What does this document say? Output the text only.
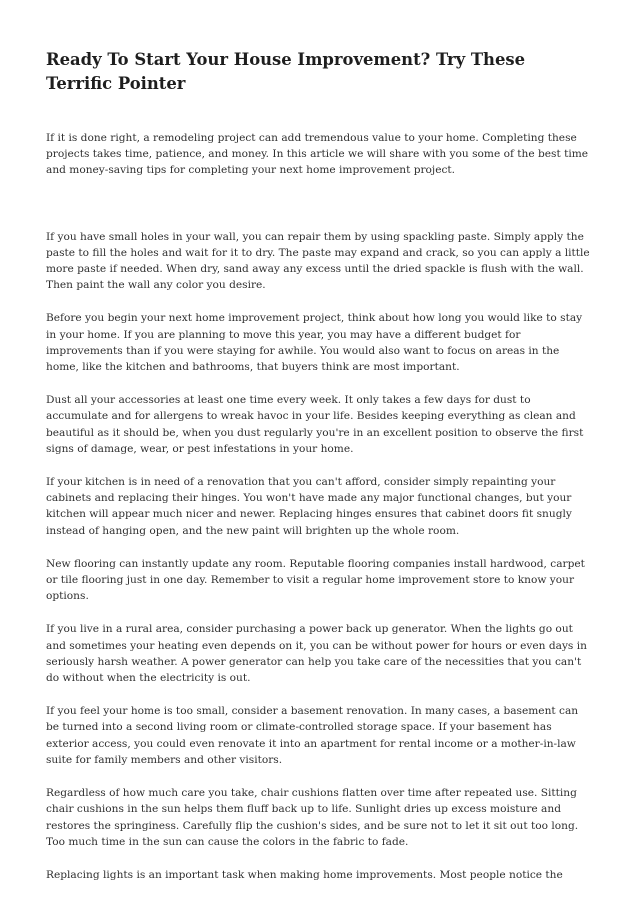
Ready To Start Your House Improvement? Try These Terrific Pointer

If it is done right, a remodeling project can add tremendous value to your home. Completing these projects takes time, patience, and money. In this article we will share with you some of the best time and money-saving tips for completing your next home improvement project.

If you have small holes in your wall, you can repair them by using spackling paste. Simply apply the paste to fill the holes and wait for it to dry. The paste may expand and crack, so you can apply a little more paste if needed. When dry, sand away any excess until the dried spackle is flush with the wall. Then paint the wall any color you desire.

Before you begin your next home improvement project, think about how long you would like to stay in your home. If you are planning to move this year, you may have a different budget for improvements than if you were staying for awhile. You would also want to focus on areas in the home, like the kitchen and bathrooms, that buyers think are most important.

Dust all your accessories at least one time every week. It only takes a few days for dust to accumulate and for allergens to wreak havoc in your life. Besides keeping everything as clean and beautiful as it should be, when you dust regularly you're in an excellent position to observe the first signs of damage, wear, or pest infestations in your home.

If your kitchen is in need of a renovation that you can't afford, consider simply repainting your cabinets and replacing their hinges. You won't have made any major functional changes, but your kitchen will appear much nicer and newer. Replacing hinges ensures that cabinet doors fit snugly instead of hanging open, and the new paint will brighten up the whole room.

New flooring can instantly update any room. Reputable flooring companies install hardwood, carpet or tile flooring just in one day. Remember to visit a regular home improvement store to know your options.

If you live in a rural area, consider purchasing a power back up generator. When the lights go out and sometimes your heating even depends on it, you can be without power for hours or even days in seriously harsh weather. A power generator can help you take care of the necessities that you can't do without when the electricity is out.

If you feel your home is too small, consider a basement renovation. In many cases, a basement can be turned into a second living room or climate-controlled storage space. If your basement has exterior access, you could even renovate it into an apartment for rental income or a mother-in-law suite for family members and other visitors.

Regardless of how much care you take, chair cushions flatten over time after repeated use. Sitting chair cushions in the sun helps them fluff back up to life. Sunlight dries up excess moisture and restores the springiness. Carefully flip the cushion's sides, and be sure not to let it sit out too long. Too much time in the sun can cause the colors in the fabric to fade.

Replacing lights is an important task when making home improvements. Most people notice the
